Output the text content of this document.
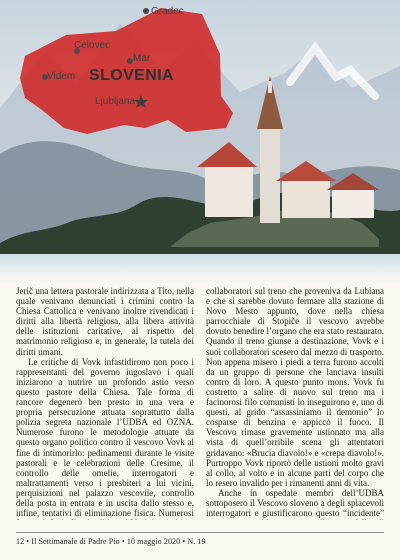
Gradec
Celovec
Mar
SLOVENIA
Videm
Ljubljana

Jerič una lettera pastorale indirizzata a Tito, nella quale venivano denunciati i crimini contro la Chiesa Cattolica e venivano inoltre rivendicati i diritti alla libertà religiosa, alla libera attività delle istituzioni caritative, al rispetto del matrimonio religioso e, in generale, la tutela dei diritti umani.

Le critiche di Vovk infastidirono non poco i rappresentanti del governo iugoslavo i quali iniziarono a nutrire un profondo astio verso questo pastore della Chiesa. Tale forma di rancore degenerò ben presto in una vera e propria persecuzione attuata soprattutto dalla polizia segreta nazionale l’UDBA ed OZNA. Numerose furono le metodologie attuate da questo organo politico contro il vescovo Vovk al fine di intimorirlo: pedinamenti durante le visite pastorali e le celebrazioni delle Cresime, il controllo delle omelie, interrogatori e maltrattamenti verso i presbiteri a lui vicini, perquisizioni nel palazzo vescovile, controllo della posta in entrata e in uscita dallo stesso e, infine, tentativi di eliminazione fisica. Numerosi

collaboratori sul treno che proveniva da Lubiana e che si sarebbe dovuto fermare alla stazione di Novo Mesto appunto, dove nella chiesa parrocchiale di Stopiče il vescovo avrebbe dovuto benedire l’organo che era stato restaurato. Quando il treno giunse a destinazione, Vovk e i suoi collaboratori scesero dal mezzo di trasporto. Non appena misero i piedi a terra furono accolti da un gruppo di persone che lanciava insulti contro di loro. A questo punto mons. Vovk fu costretto a salire di nuovo sul treno ma i facinorosi filo comunisti lo inseguirono e, uno di questi, al grido “assassiniamo il demonio” lo cosparse di benzina e appiccò il fuoco. Il Vescovo rimase gravemente ustionato ma alla vista di quell’orribile scena gli attentatori gridavano: «Brucia diavolo!» e «crepa diavolo!». Purtroppo Vovk riportò delle ustioni molto gravi al collo, al volto e in alcune parti del corpo che lo resero invalido per i rimanenti anni di vita.

Anche in ospedale membri dell’UDBA sottoposero il Vescovo sloveno a degli spiacevoli interrogatori e giustificarono questo “incidente”

12 • Il Settimanale di Padre Pio • 10 maggio 2020 • N. 19
